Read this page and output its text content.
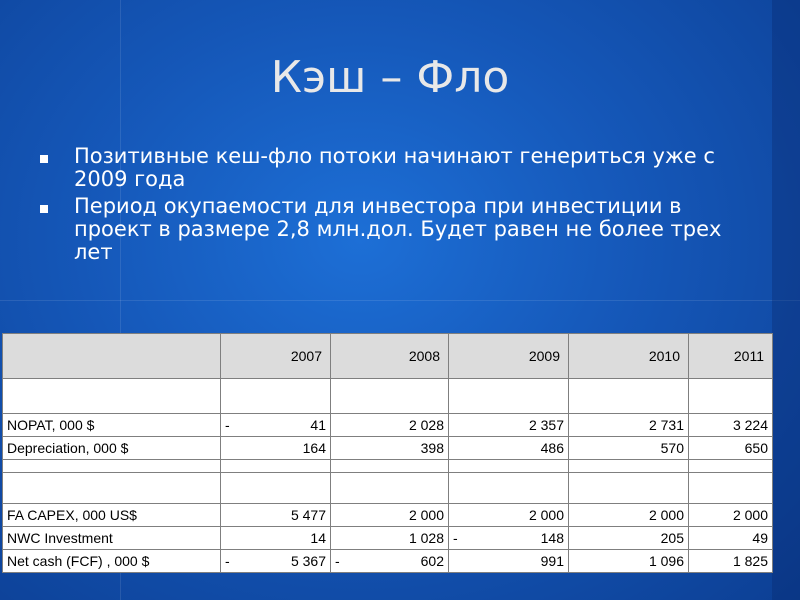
Кэш – Фло
Позитивные кеш-фло потоки начинают генериться уже с 2009 года
Период окупаемости для инвестора при инвестиции в проект в размере 2,8 млн.дол. Будет равен не более трех лет
	2007	2008	2009	2010	2011

NOPAT, 000 $	- 41	2 028	2 357	2 731	3 224
Depreciation, 000 $	164	398	486	570	650

FA CAPEX, 000 US$	5 477	2 000	2 000	2 000	2 000
NWC Investment	14	1 028	- 148	205	49
Net cash (FCF) , 000 $	- 5 367	- 602	991	1 096	1 825
